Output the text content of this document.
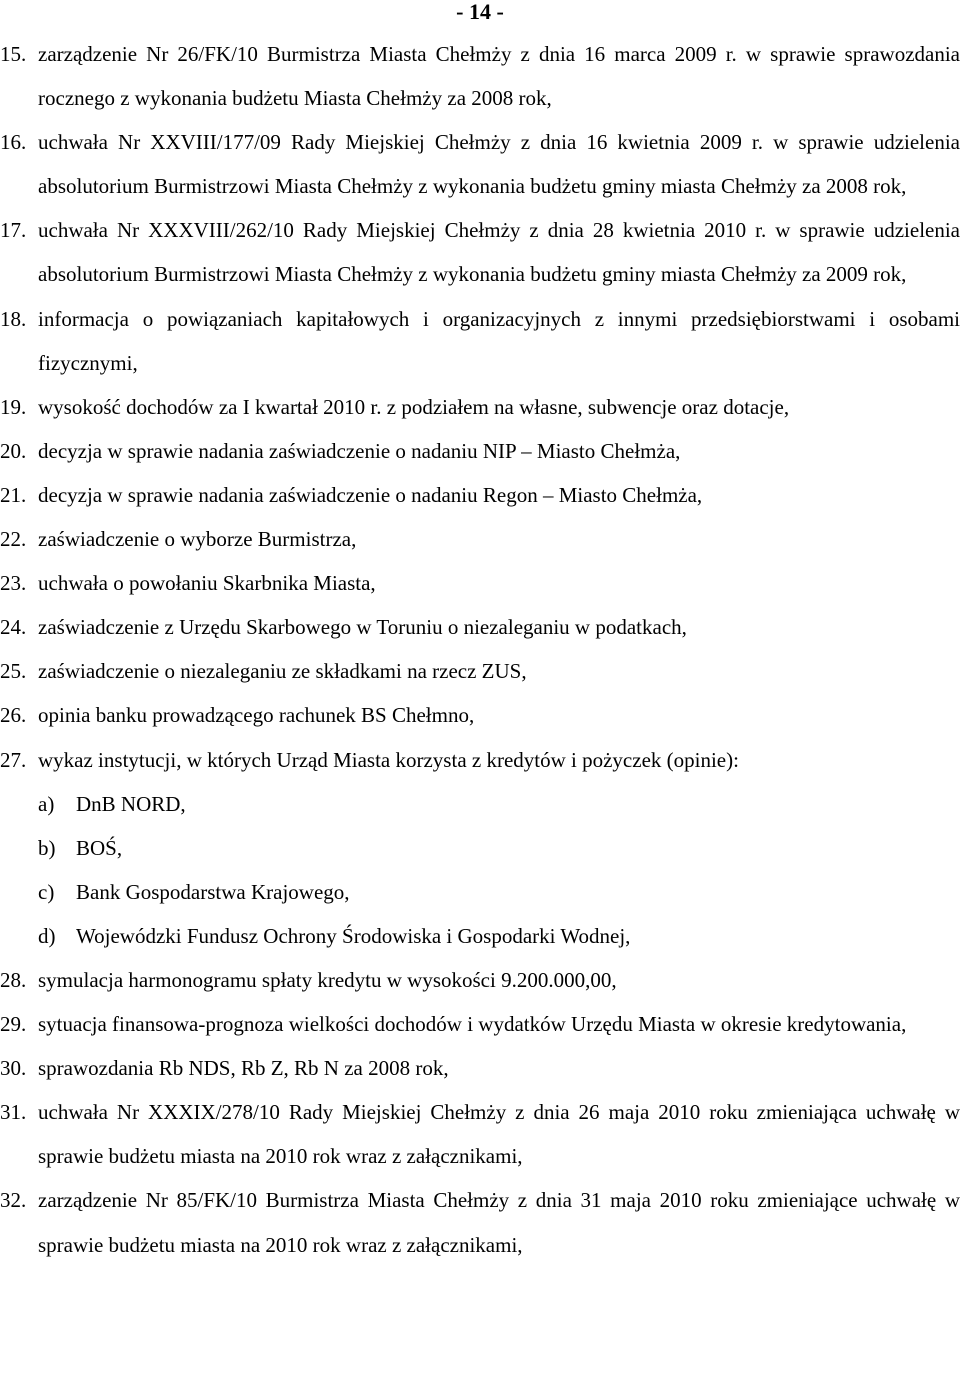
- 14 -
15. zarządzenie Nr 26/FK/10 Burmistrza Miasta Chełmży z dnia 16 marca 2009 r. w sprawie sprawozdania rocznego z wykonania budżetu Miasta Chełmży za 2008 rok,
16. uchwała Nr XXVIII/177/09 Rady Miejskiej Chełmży z dnia 16 kwietnia 2009 r. w sprawie udzielenia absolutorium Burmistrzowi Miasta Chełmży z wykonania budżetu gminy miasta Chełmży za 2008 rok,
17. uchwała Nr XXXVIII/262/10 Rady Miejskiej Chełmży z dnia 28 kwietnia 2010 r. w sprawie udzielenia absolutorium Burmistrzowi Miasta Chełmży z wykonania budżetu gminy miasta Chełmży za 2009 rok,
18. informacja o powiązaniach kapitałowych i organizacyjnych z innymi przedsiębiorstwami i osobami fizycznymi,
19. wysokość dochodów za I kwartał 2010 r. z podziałem na własne, subwencje oraz dotacje,
20. decyzja w sprawie nadania zaświadczenie o nadaniu NIP – Miasto Chełmża,
21. decyzja w sprawie nadania zaświadczenie o nadaniu Regon – Miasto Chełmża,
22. zaświadczenie o wyborze Burmistrza,
23. uchwała o powołaniu Skarbnika Miasta,
24. zaświadczenie z Urzędu Skarbowego w Toruniu o niezaleganiu w podatkach,
25. zaświadczenie o niezaleganiu ze składkami na rzecz ZUS,
26. opinia banku prowadzącego rachunek BS Chełmno,
27. wykaz instytucji, w których Urząd Miasta korzysta z kredytów i pożyczek (opinie):
a) DnB NORD,
b) BOŚ,
c) Bank Gospodarstwa Krajowego,
d) Wojewódzki Fundusz Ochrony Środowiska i Gospodarki Wodnej,
28. symulacja harmonogramu spłaty kredytu w wysokości 9.200.000,00,
29. sytuacja finansowa-prognoza wielkości dochodów i wydatków Urzędu Miasta w okresie kredytowania,
30. sprawozdania Rb NDS, Rb Z, Rb N za 2008 rok,
31. uchwała Nr XXXIX/278/10 Rady Miejskiej Chełmży z dnia 26 maja 2010 roku zmieniająca uchwałę w sprawie budżetu miasta na 2010 rok wraz z załącznikami,
32. zarządzenie Nr 85/FK/10 Burmistrza Miasta Chełmży z dnia 31 maja 2010 roku zmieniające uchwałę w sprawie budżetu miasta na 2010 rok wraz z załącznikami,
